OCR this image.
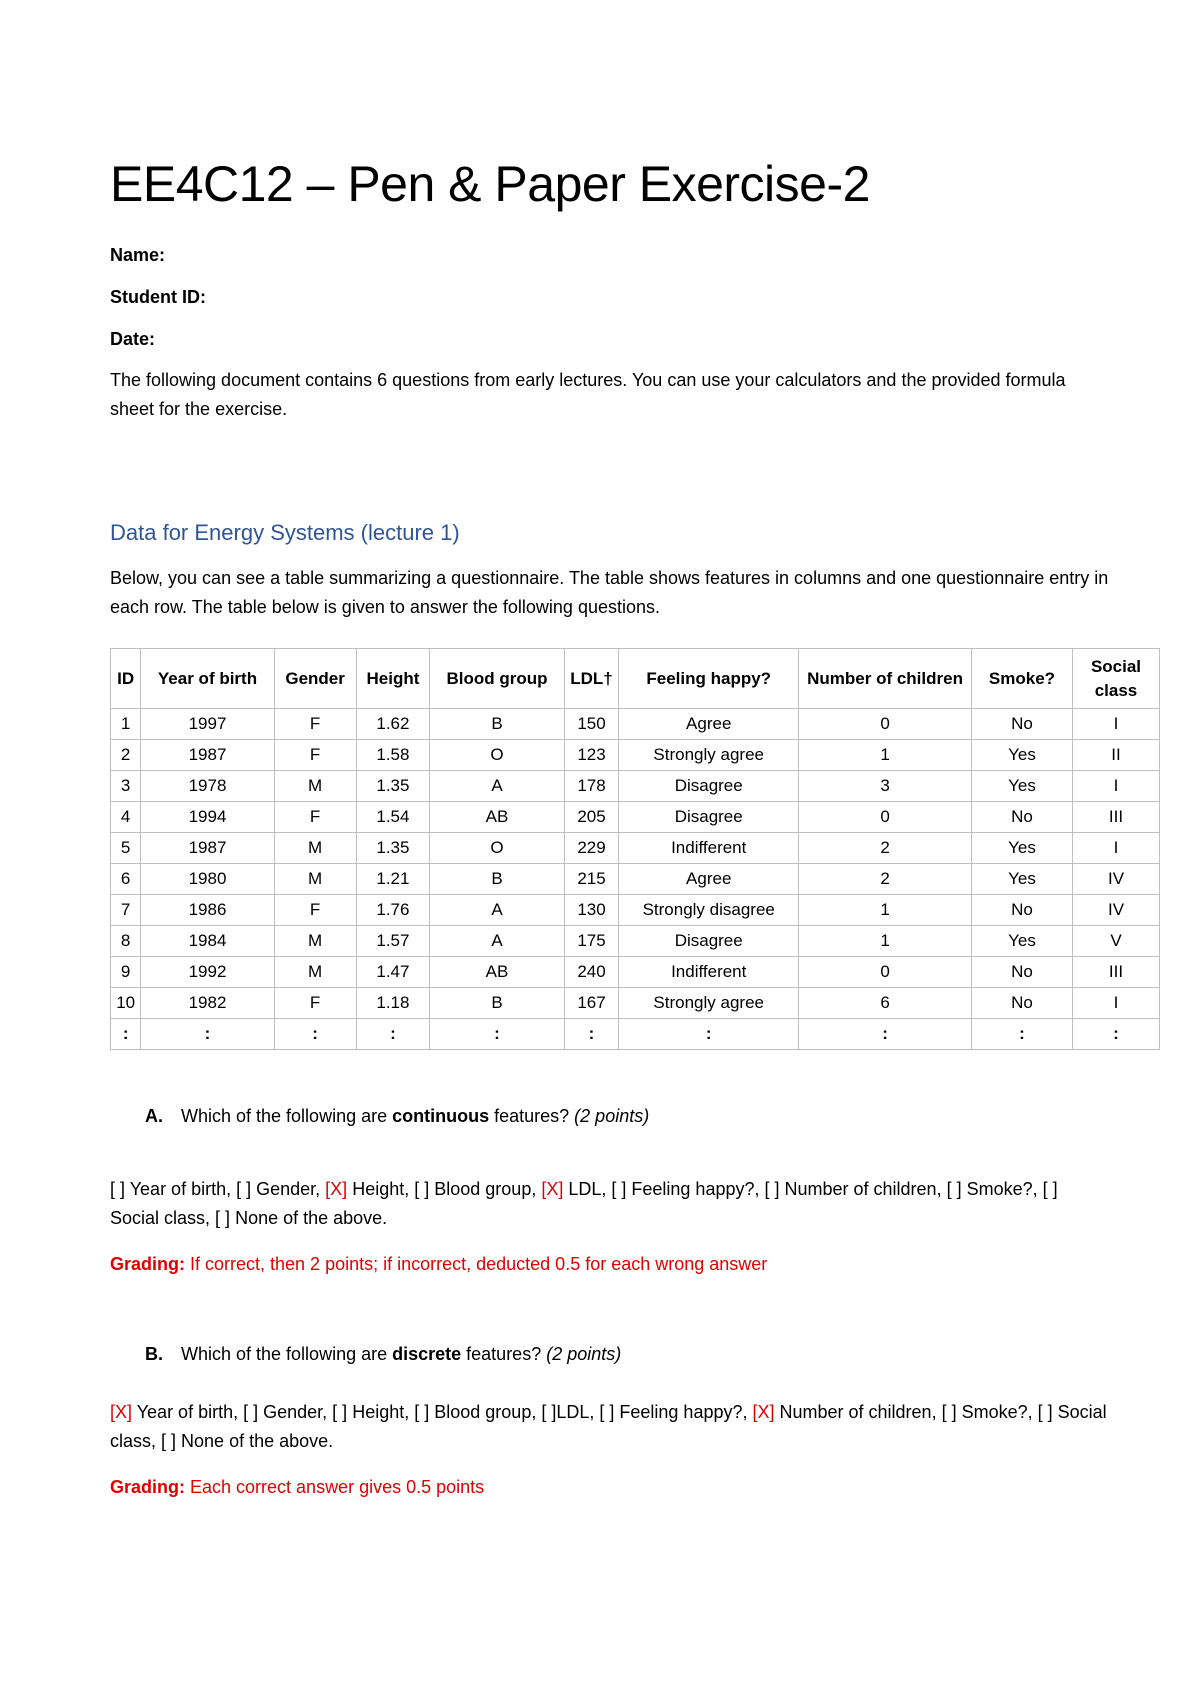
EE4C12 – Pen & Paper Exercise-2
Name:
Student ID:
Date:
The following document contains 6 questions from early lectures. You can use your calculators and the provided formula sheet for the exercise.
Data for Energy Systems (lecture 1)
Below, you can see a table summarizing a questionnaire. The table shows features in columns and one questionnaire entry in each row. The table below is given to answer the following questions.
ID	Year of birth	Gender	Height	Blood group	LDL†	Feeling happy?	Number of children	Smoke?	Social class
1	1997	F	1.62	B	150	Agree	0	No	I
2	1987	F	1.58	O	123	Strongly agree	1	Yes	II
3	1978	M	1.35	A	178	Disagree	3	Yes	I
4	1994	F	1.54	AB	205	Disagree	0	No	III
5	1987	M	1.35	O	229	Indifferent	2	Yes	I
6	1980	M	1.21	B	215	Agree	2	Yes	IV
7	1986	F	1.76	A	130	Strongly disagree	1	No	IV
8	1984	M	1.57	A	175	Disagree	1	Yes	V
9	1992	M	1.47	AB	240	Indifferent	0	No	III
10	1982	F	1.18	B	167	Strongly agree	6	No	I
:	:	:	:	:	:	:	:	:	:
A. Which of the following are continuous features? (2 points)
[ ] Year of birth, [ ] Gender, [X] Height, [ ] Blood group, [X] LDL, [ ] Feeling happy?, [ ] Number of children, [ ] Smoke?, [ ] Social class, [ ] None of the above.
Grading: If correct, then 2 points; if incorrect, deducted 0.5 for each wrong answer
B. Which of the following are discrete features? (2 points)
[X] Year of birth, [ ] Gender, [ ] Height, [ ] Blood group, [ ]LDL, [ ] Feeling happy?, [X] Number of children, [ ] Smoke?, [ ] Social class, [ ] None of the above.
Grading: Each correct answer gives 0.5 points
